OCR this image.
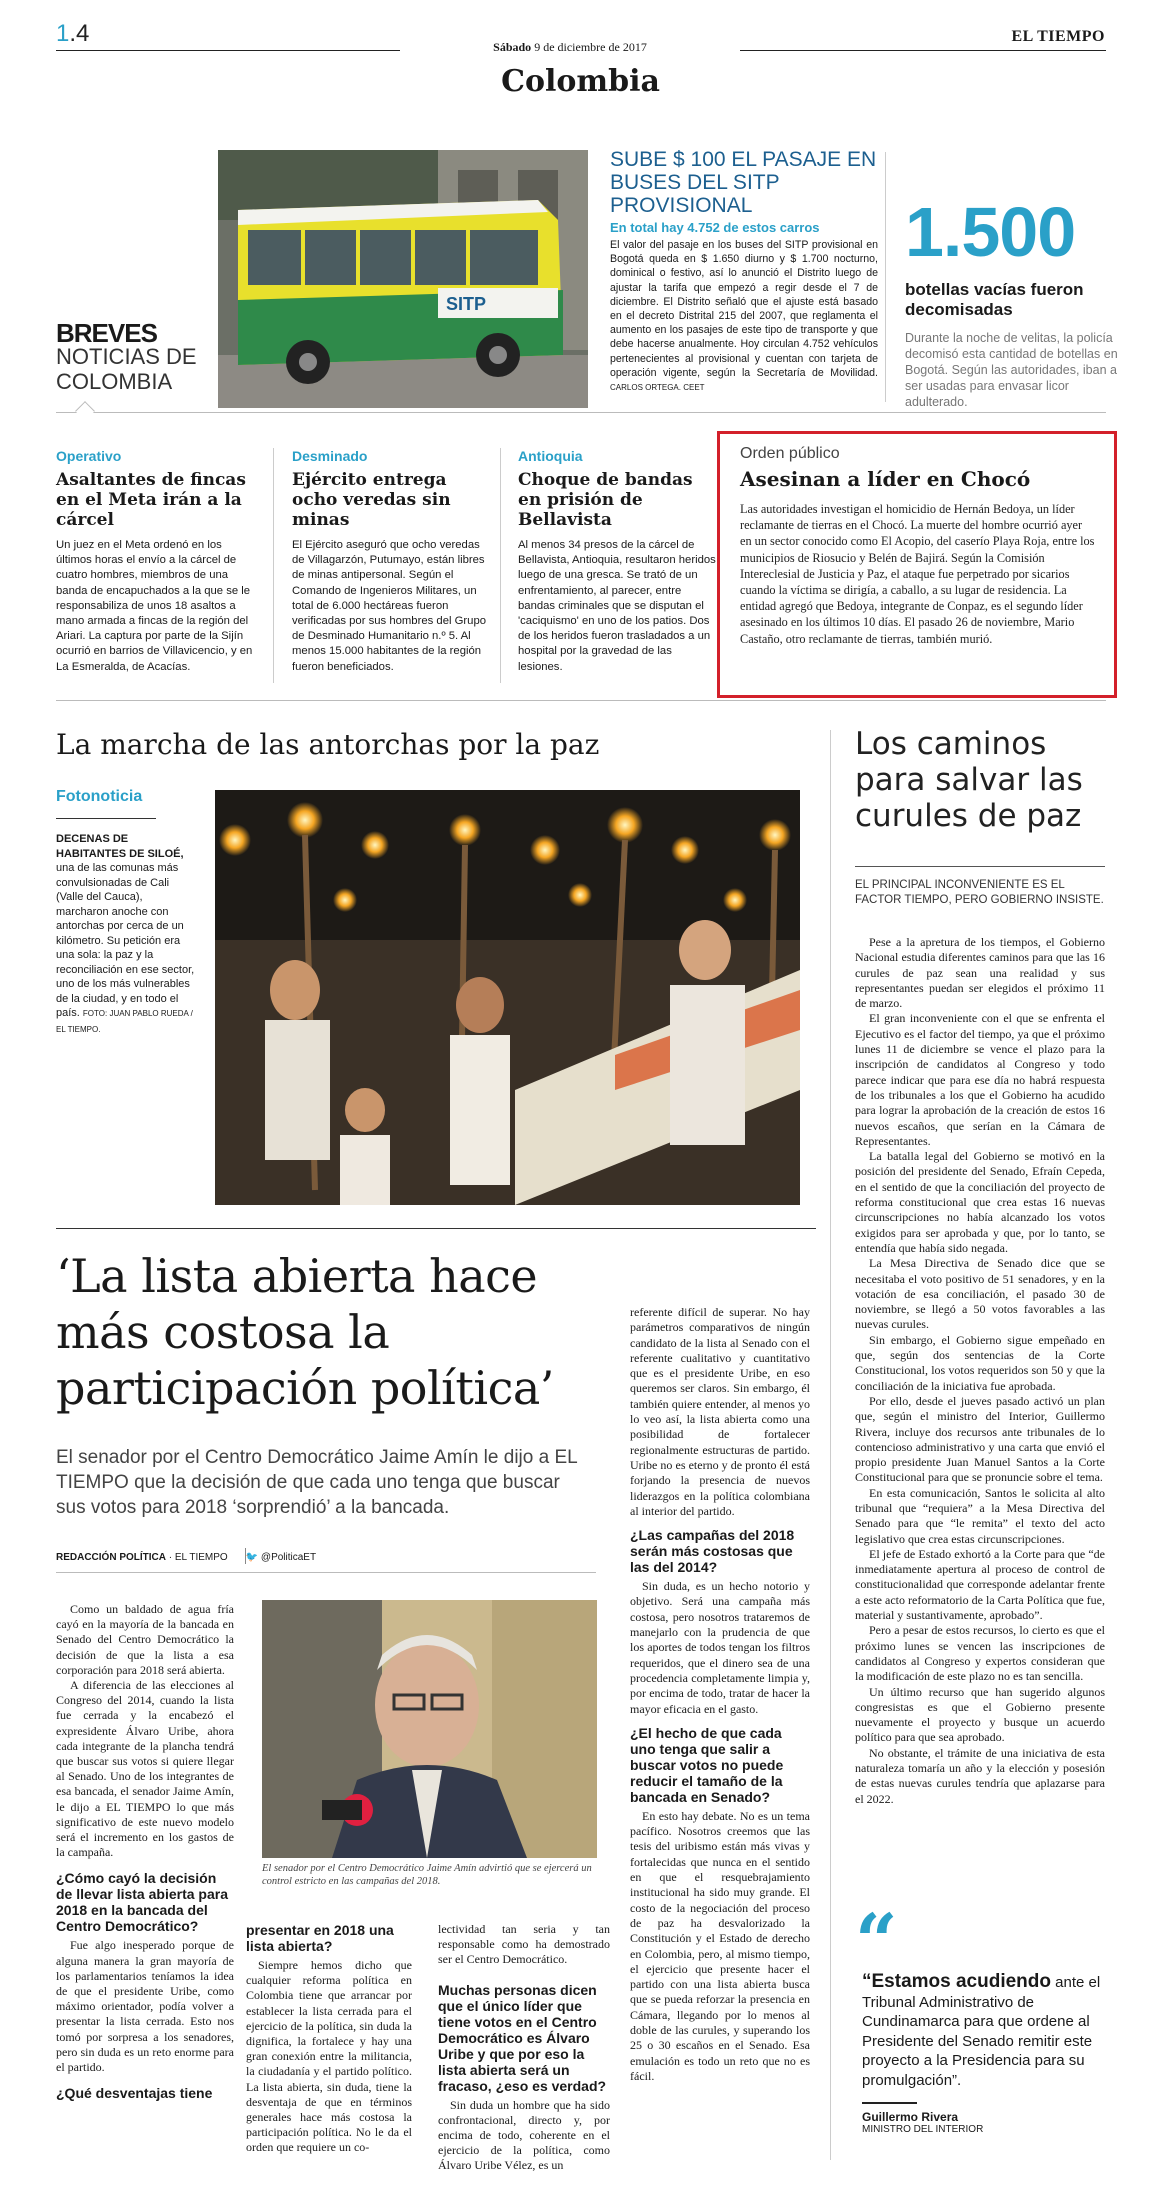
1.4	Sábado 9 de diciembre de 2017
EL TIEMPO
Colombia
BREVES
NOTICIAS DE COLOMBIA
SITP
SUBE $ 100 EL PASAJE EN BUSES DEL SITP PROVISIONAL
En total hay 4.752 de estos carros
El valor del pasaje en los buses del SITP provisional en Bogotá queda en $ 1.650 diurno y $ 1.700 nocturno, dominical o festivo, así lo anunció el Distrito luego de ajustar la tarifa que empezó a regir desde el 7 de diciembre. El Distrito señaló que el ajuste está basado en el decreto Distrital 215 del 2007, que reglamenta el aumento en los pasajes de este tipo de transporte y que debe hacerse anualmente. Hoy circulan 4.752 vehículos pertenecientes al provisional y cuentan con tarjeta de operación vigente, según la Secretaría de Movilidad. CARLOS ORTEGA. CEET
1.500
botellas vacías fueron decomisadas
Durante la noche de velitas, la policía decomisó esta cantidad de botellas en Bogotá. Según las autoridades, iban a ser usadas para envasar licor adulterado.
Operativo
Asaltantes de fincas en el Meta irán a la cárcel
Un juez en el Meta ordenó en los últimos horas el envío a la cárcel de cuatro hombres, miembros de una banda de encapuchados a la que se le responsabiliza de unos 18 asaltos a mano armada a fincas de la región del Ariari. La captura por parte de la Sijín ocurrió en barrios de Villavicencio, y en La Esmeralda, de Acacías.
Desminado
Ejército entrega ocho veredas sin minas
El Ejército aseguró que ocho veredas de Villagarzón, Putumayo, están libres de minas antipersonal. Según el Comando de Ingenieros Militares, un total de 6.000 hectáreas fueron verificadas por sus hombres del Grupo de Desminado Humanitario n.º 5. Al menos 15.000 habitantes de la región fueron beneficiados.
Antioquia
Choque de bandas en prisión de Bellavista
Al menos 34 presos de la cárcel de Bellavista, Antioquia, resultaron heridos luego de una gresca. Se trató de un enfrentamiento, al parecer, entre bandas criminales que se disputan el 'caciquismo' en uno de los patios. Dos de los heridos fueron trasladados a un hospital por la gravedad de las lesiones.
Orden público
Asesinan a líder en Chocó
Las autoridades investigan el homicidio de Hernán Bedoya, un líder reclamante de tierras en el Chocó. La muerte del hombre ocurrió ayer en un sector conocido como El Acopio, del caserío Playa Roja, entre los municipios de Riosucio y Belén de Bajirá. Según la Comisión Intereclesial de Justicia y Paz, el ataque fue perpetrado por sicarios cuando la víctima se dirigía, a caballo, a su lugar de residencia. La entidad agregó que Bedoya, integrante de Conpaz, es el segundo líder asesinado en los últimos 10 días. El pasado 26 de noviembre, Mario Castaño, otro reclamante de tierras, también murió.
La marcha de las antorchas por la paz
Fotonoticia
DECENAS DE HABITANTES DE SILOÉ, una de las comunas más convulsionadas de Cali (Valle del Cauca), marcharon anoche con antorchas por cerca de un kilómetro. Su petición era una sola: la paz y la reconciliación en ese sector, uno de los más vulnerables de la ciudad, y en todo el país. FOTO: JUAN PABLO RUEDA / EL TIEMPO.
Los caminos para salvar las curules de paz
EL PRINCIPAL INCONVENIENTE ES EL FACTOR TIEMPO, PERO GOBIERNO INSISTE.

Pese a la apretura de los tiempos, el Gobierno Nacional estudia diferentes caminos para que las 16 curules de paz sean una realidad y sus representantes puedan ser elegidos el próximo 11 de marzo.

El gran inconveniente con el que se enfrenta el Ejecutivo es el factor del tiempo, ya que el próximo lunes 11 de diciembre se vence el plazo para la inscripción de candidatos al Congreso y todo parece indicar que para ese día no habrá respuesta de los tribunales a los que el Gobierno ha acudido para lograr la aprobación de la creación de estos 16 nuevos escaños, que serían en la Cámara de Representantes.

La batalla legal del Gobierno se motivó en la posición del presidente del Senado, Efraín Cepeda, en el sentido de que la conciliación del proyecto de reforma constitucional que crea estas 16 nuevas circunscripciones no había alcanzado los votos exigidos para ser aprobada y que, por lo tanto, se entendía que había sido negada.

La Mesa Directiva de Senado dice que se necesitaba el voto positivo de 51 senadores, y en la votación de esa conciliación, el pasado 30 de noviembre, se llegó a 50 votos favorables a las nuevas curules.

Sin embargo, el Gobierno sigue empeñado en que, según dos sentencias de la Corte Constitucional, los votos requeridos son 50 y que la conciliación de la iniciativa fue aprobada.

Por ello, desde el jueves pasado activó un plan que, según el ministro del Interior, Guillermo Rivera, incluye dos recursos ante tribunales de lo contencioso administrativo y una carta que envió el propio presidente Juan Manuel Santos a la Corte Constitucional para que se pronuncie sobre el tema.

En esta comunicación, Santos le solicita al alto tribunal que “requiera” a la Mesa Directiva del Senado para que “le remita” el texto del acto legislativo que crea estas circunscripciones.

El jefe de Estado exhortó a la Corte para que “de inmediatamente apertura al proceso de control de constitucionalidad que corresponde adelantar frente a este acto reformatorio de la Carta Política que fue, material y sustantivamente, aprobado”.

Pero a pesar de estos recursos, lo cierto es que el próximo lunes se vencen las inscripciones de candidatos al Congreso y expertos consideran que la modificación de este plazo no es tan sencilla.

Un último recurso que han sugerido algunos congresistas es que el Gobierno presente nuevamente el proyecto y busque un acuerdo político para que sea aprobado.

No obstante, el trámite de una iniciativa de esta naturaleza tomaría un año y la elección y posesión de estas nuevas curules tendría que aplazarse para el 2022.

“
“Estamos acudiendo ante el Tribunal Administrativo de Cundinamarca para que ordene al Presidente del Senado remitir este proyecto a la Presidencia para su promulgación”.
Guillermo Rivera
MINISTRO DEL INTERIOR
‘La lista abierta hace más costosa la participación política’
El senador por el Centro Democrático Jaime Amín le dijo a EL TIEMPO que la decisión de que cada uno tenga que buscar sus votos para 2018 ‘sorprendió’ a la bancada.
REDACCIÓN POLÍTICA · EL TIEMPO 🐦 @PoliticaET

referente difícil de superar. No hay parámetros comparativos de ningún candidato de la lista al Senado con el referente cualitativo y cuantitativo que es el presidente Uribe, en eso queremos ser claros. Sin embargo, él también quiere entender, al menos yo lo veo así, la lista abierta como una posibilidad de fortalecer regionalmente estructuras de partido. Uribe no es eterno y de pronto él está forjando la presencia de nuevos liderazgos en la política colombiana al interior del partido.

¿Las campañas del 2018 serán más costosas que las del 2014?

Sin duda, es un hecho notorio y objetivo. Será una campaña más costosa, pero nosotros trataremos de manejarlo con la prudencia de que los aportes de todos tengan los filtros requeridos, que el dinero sea de una procedencia completamente limpia y, por encima de todo, tratar de hacer la mayor eficacia en el gasto.

¿El hecho de que cada uno tenga que salir a buscar votos no puede reducir el tamaño de la bancada en Senado?

En esto hay debate. No es un tema pacífico. Nosotros creemos que las tesis del uribismo están más vivas y fortalecidas que nunca en el sentido en que el resquebrajamiento institucional ha sido muy grande. El costo de la negociación del proceso de paz ha desvalorizado la Constitución y el Estado de derecho en Colombia, pero, al mismo tiempo, el ejercicio que presente hacer el partido con una lista abierta busca que se pueda reforzar la presencia en Cámara, llegando por lo menos al doble de las curules, y superando los 25 o 30 escaños en el Senado. Esa emulación es todo un reto que no es fácil.

Como un baldado de agua fría cayó en la mayoría de la bancada en Senado del Centro Democrático la decisión de que la lista a esa corporación para 2018 será abierta.

A diferencia de las elecciones al Congreso del 2014, cuando la lista fue cerrada y la encabezó el expresidente Álvaro Uribe, ahora cada integrante de la plancha tendrá que buscar sus votos si quiere llegar al Senado. Uno de los integrantes de esa bancada, el senador Jaime Amín, le dijo a EL TIEMPO lo que más significativo de este nuevo modelo será el incremento en los gastos de la campaña.

¿Cómo cayó la decisión de llevar lista abierta para 2018 en la bancada del Centro Democrático?

Fue algo inesperado porque de alguna manera la gran mayoría de los parlamentarios teníamos la idea de que el presidente Uribe, como máximo orientador, podía volver a presentar la lista cerrada. Esto nos tomó por sorpresa a los senadores, pero sin duda es un reto enorme para el partido.

¿Qué desventajas tiene
El senador por el Centro Democrático Jaime Amín advirtió que se ejercerá un control estricto en las campañas del 2018.
presentar en 2018 una lista abierta?

Siempre hemos dicho que cualquier reforma política en Colombia tiene que arrancar por establecer la lista cerrada para el ejercicio de la política, sin duda la dignifica, la fortalece y hay una gran conexión entre la militancia, la ciudadanía y el partido político. La lista abierta, sin duda, tiene la desventaja de que en términos generales hace más costosa la participación política. No le da el orden que requiere un co-

lectividad tan seria y tan responsable como ha demostrado ser el Centro Democrático.

Muchas personas dicen que el único líder que tiene votos en el Centro Democrático es Álvaro Uribe y que por eso la lista abierta será un fracaso, ¿eso es verdad?

Sin duda un hombre que ha sido confrontacional, directo y, por encima de todo, coherente en el ejercicio de la política, como Álvaro Uribe Vélez, es un
